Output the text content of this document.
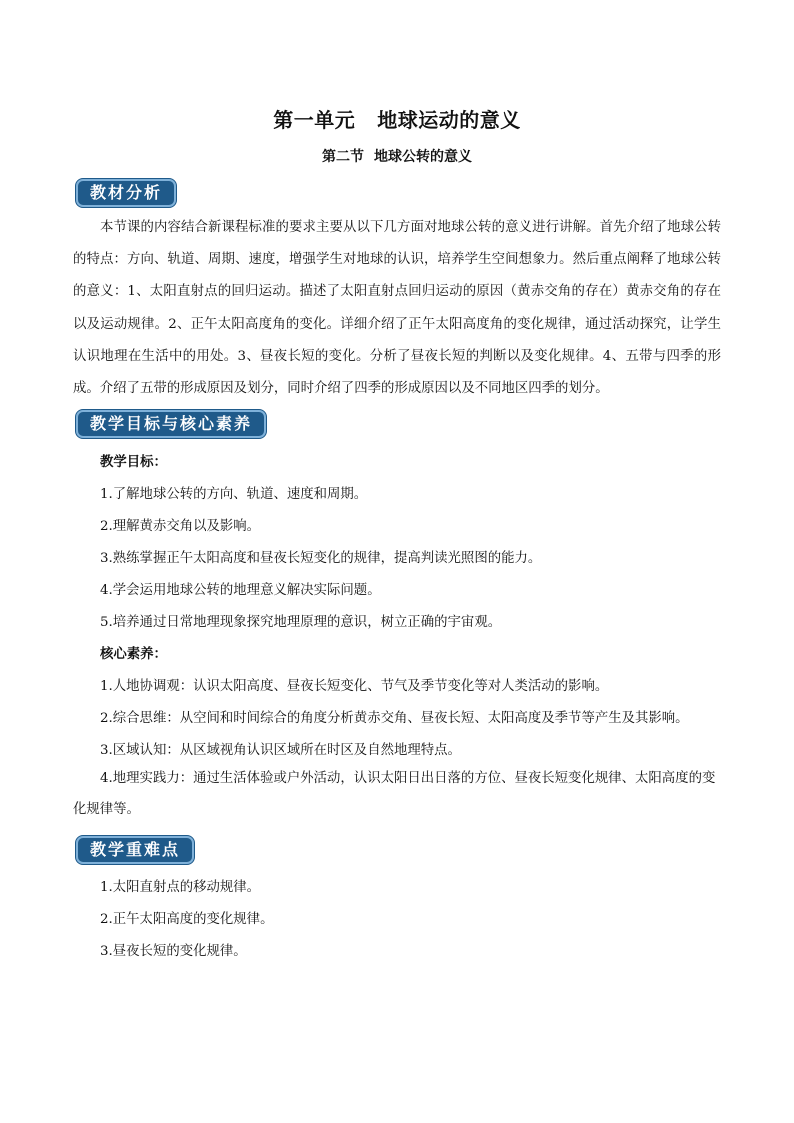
第一单元 地球运动的意义
第二节 地球公转的意义
教材分析

本节课的内容结合新课程标准的要求主要从以下几方面对地球公转的意义进行讲解。首先介绍了地球公转的特点：方向、轨道、周期、速度，增强学生对地球的认识，培养学生空间想象力。然后重点阐释了地球公转的意义：1、太阳直射点的回归运动。描述了太阳直射点回归运动的原因（黄赤交角的存在）黄赤交角的存在以及运动规律。2、正午太阳高度角的变化。详细介绍了正午太阳高度角的变化规律，通过活动探究，让学生认识地理在生活中的用处。3、昼夜长短的变化。分析了昼夜长短的判断以及变化规律。4、五带与四季的形成。介绍了五带的形成原因及划分，同时介绍了四季的形成原因以及不同地区四季的划分。

教学目标与核心素养
教学目标：
1.了解地球公转的方向、轨道、速度和周期。
2.理解黄赤交角以及影响。
3.熟练掌握正午太阳高度和昼夜长短变化的规律，提高判读光照图的能力。
4.学会运用地球公转的地理意义解决实际问题。
5.培养通过日常地理现象探究地理原理的意识，树立正确的宇宙观。
核心素养：
1.人地协调观：认识太阳高度、昼夜长短变化、节气及季节变化等对人类活动的影响。
2.综合思维：从空间和时间综合的角度分析黄赤交角、昼夜长短、太阳高度及季节等产生及其影响。
3.区域认知：从区域视角认识区域所在时区及自然地理特点。

4.地理实践力：通过生活体验或户外活动，认识太阳日出日落的方位、昼夜长短变化规律、太阳高度的变化规律等。

教学重难点
1.太阳直射点的移动规律。
2.正午太阳高度的变化规律。
3.昼夜长短的变化规律。
